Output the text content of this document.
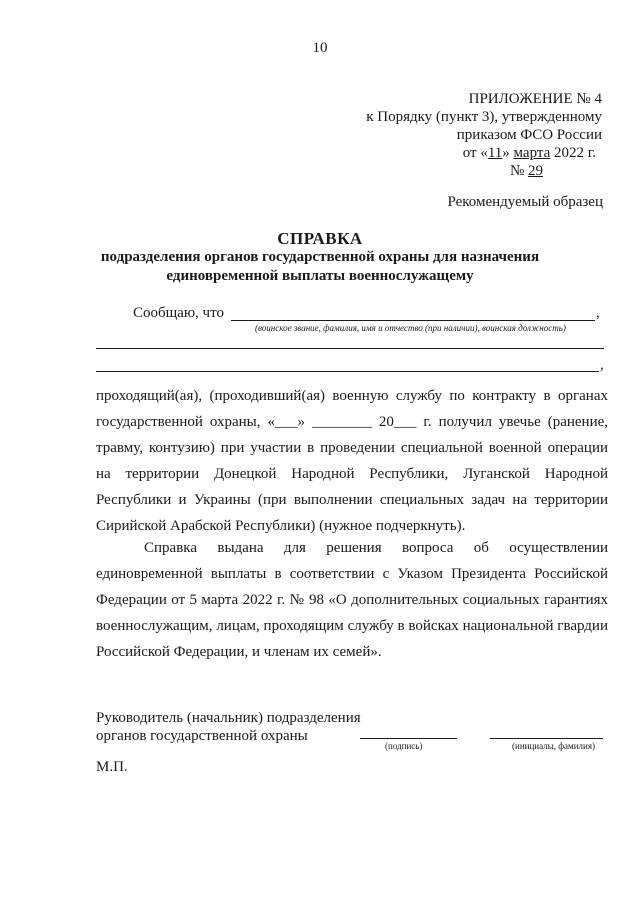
10
ПРИЛОЖЕНИЕ № 4
к Порядку (пункт 3), утвержденному
приказом ФСО России
от «11» марта 2022 г.
№ 29
Рекомендуемый образец
СПРАВКА
подразделения органов государственной охраны для назначения
единовременной выплаты военнослужащему
Сообщаю, что	,
(воинское звание, фамилия, имя и отчество (при наличии), воинская должность)
,
проходящий(ая), (проходивший(ая) военную службу по контракту в органах государственной охраны, «___» ________ 20___ г. получил увечье (ранение, травму, контузию) при участии в проведении специальной военной операции на территории Донецкой Народной Республики, Луганской Народной Республики и Украины (при выполнении специальных задач на территории Сирийской Арабской Республики) (нужное подчеркнуть).
Справка выдана для решения вопроса об осуществлении единовременной выплаты в соответствии с Указом Президента Российской Федерации от 5 марта 2022 г. № 98 «О дополнительных социальных гарантиях военнослужащим, лицам, проходящим службу в войсках национальной гвардии Российской Федерации, и членам их семей».
Руководитель (начальник) подразделения
органов государственной охраны
(подпись)	(инициалы, фамилия)
М.П.
